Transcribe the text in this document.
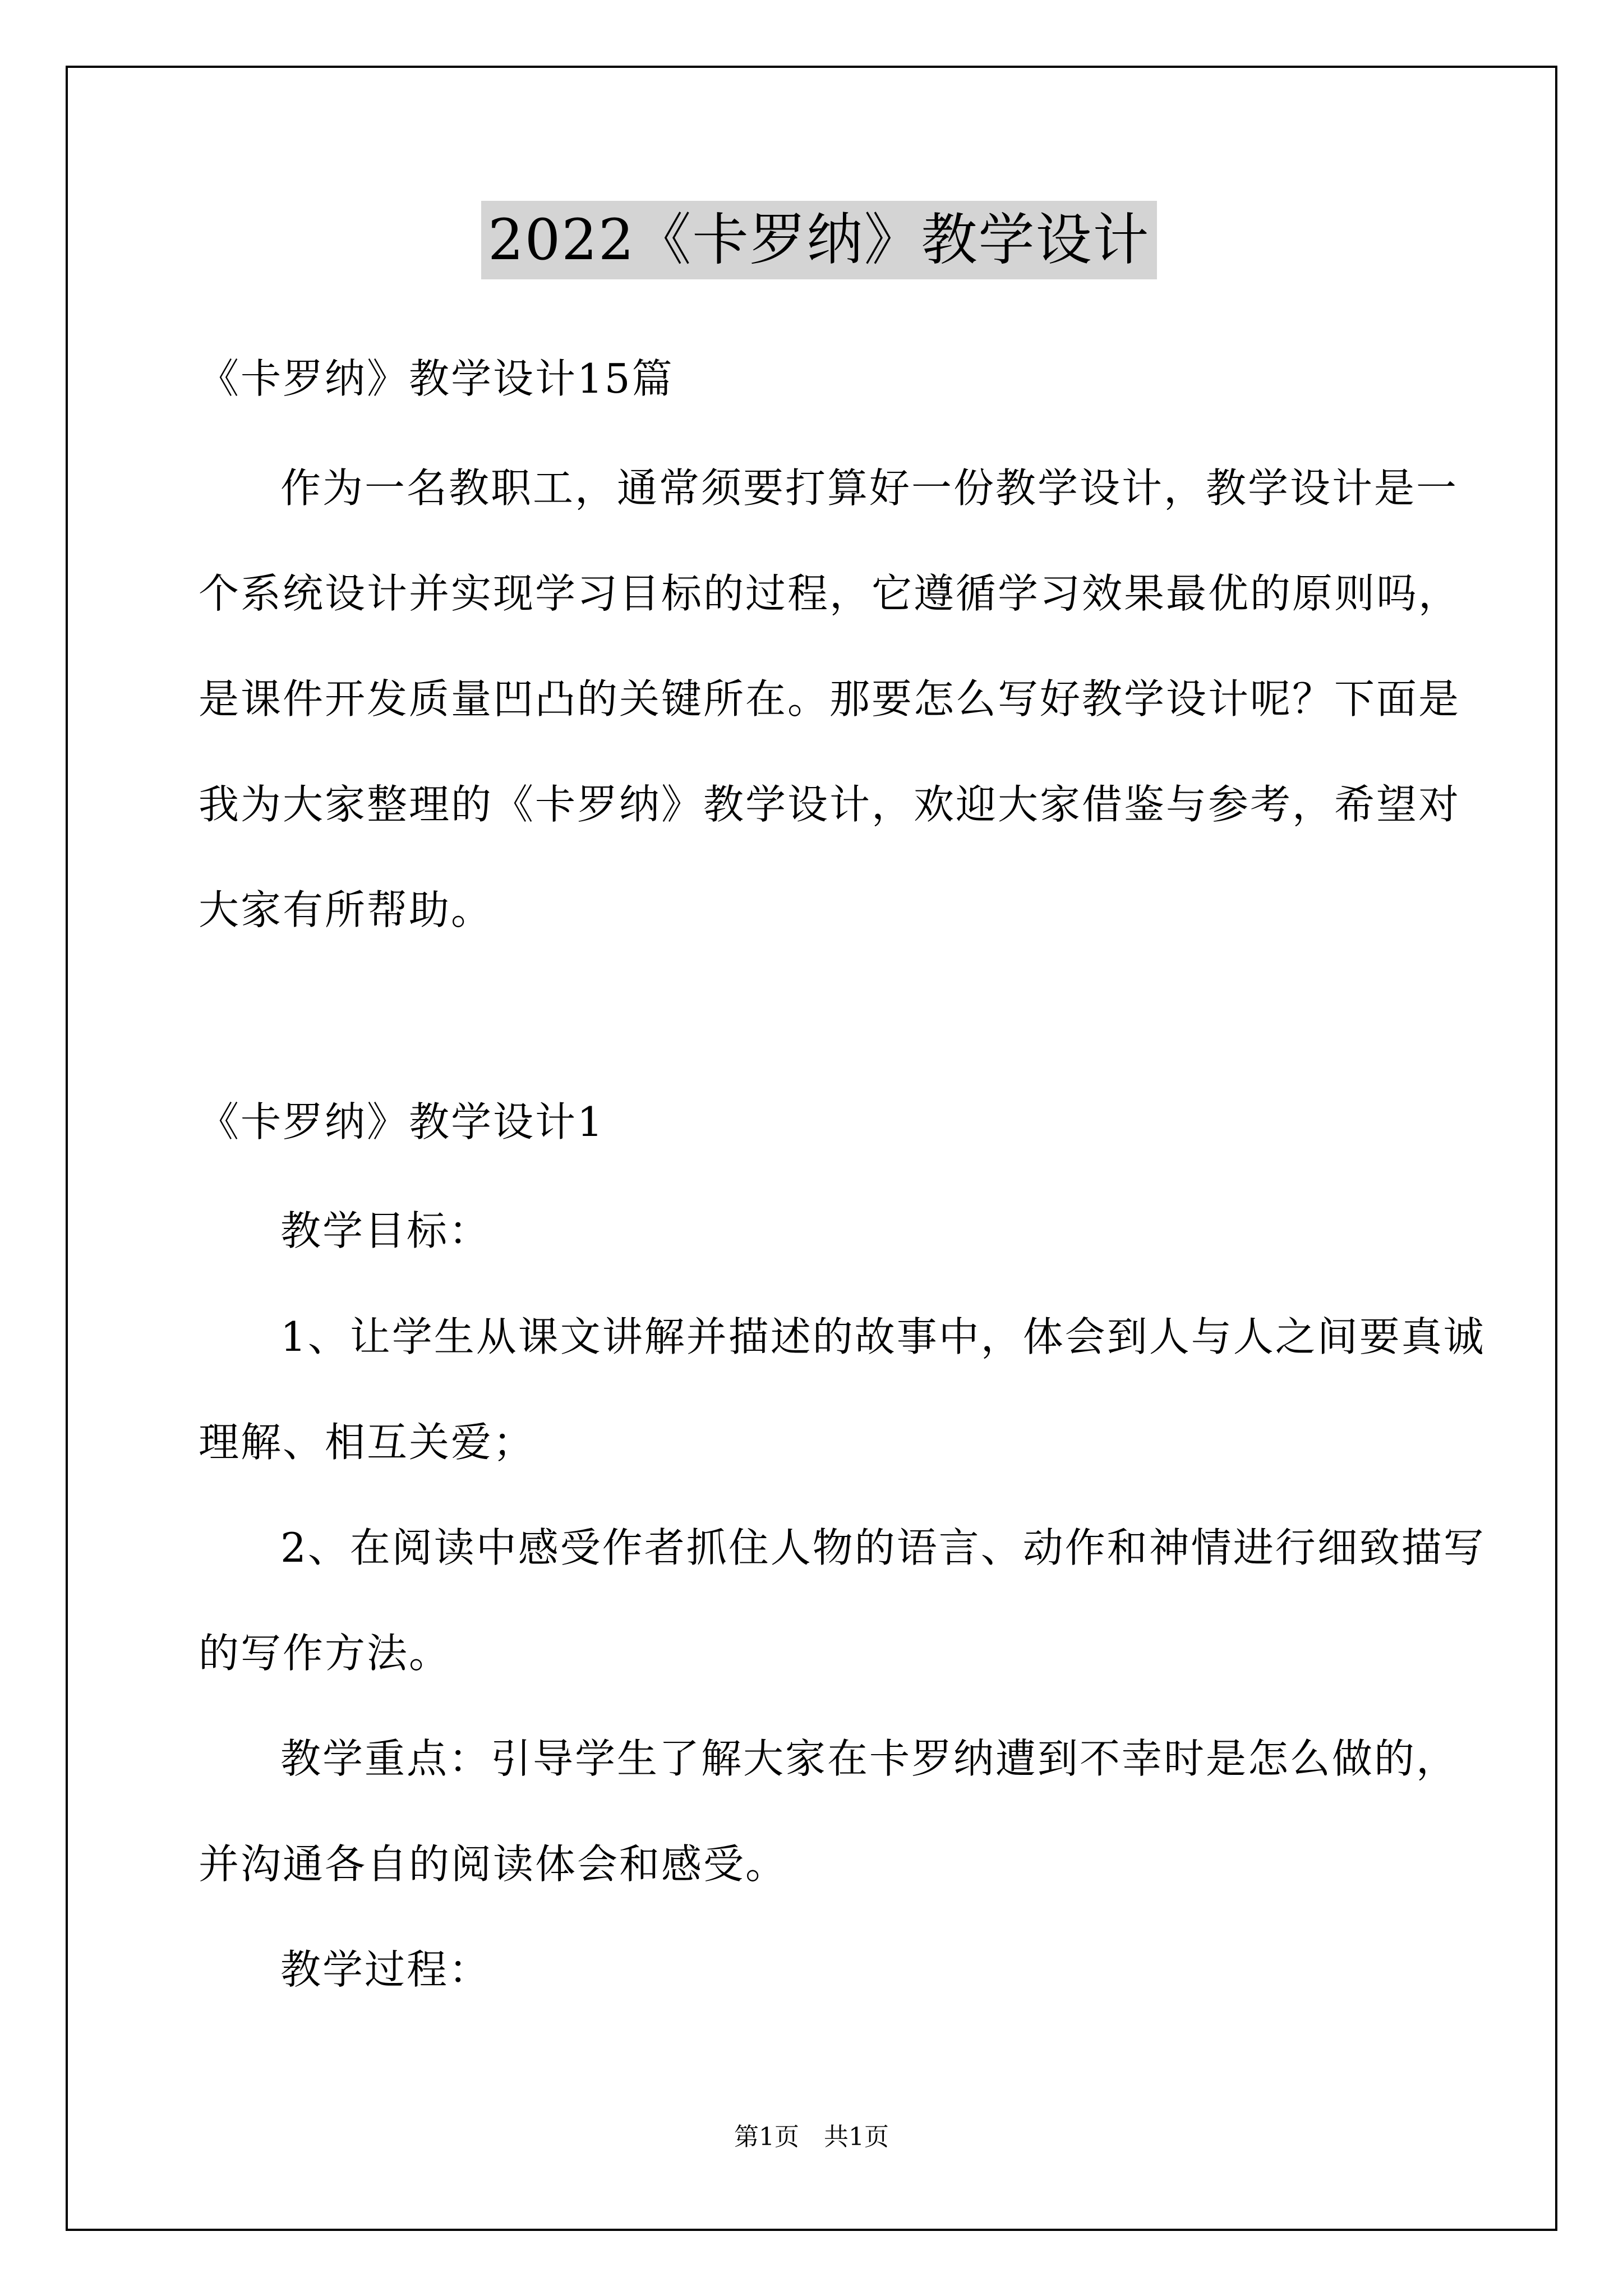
2022《卡罗纳》教学设计
《卡罗纳》教学设计15篇
作为一名教职工，通常须要打算好一份教学设计，教学设计是一
个系统设计并实现学习目标的过程，它遵循学习效果最优的原则吗，
是课件开发质量凹凸的关键所在。那要怎么写好教学设计呢？下面是
我为大家整理的《卡罗纳》教学设计，欢迎大家借鉴与参考，希望对
大家有所帮助。
《卡罗纳》教学设计1
教学目标：
1、让学生从课文讲解并描述的故事中，体会到人与人之间要真诚
理解、相互关爱；
2、在阅读中感受作者抓住人物的语言、动作和神情进行细致描写
的写作方法。
教学重点：引导学生了解大家在卡罗纳遭到不幸时是怎么做的，
并沟通各自的阅读体会和感受。
教学过程：
第1页　共1页
